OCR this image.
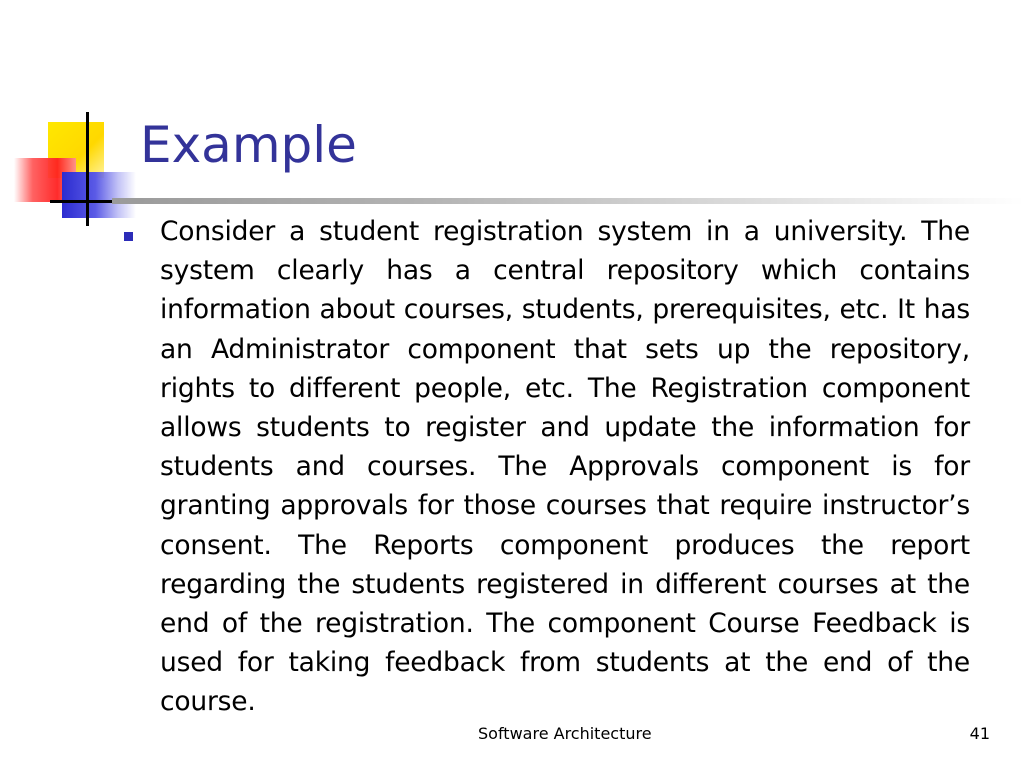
Example

Consider a student registration system in a university. The system clearly has a central repository which contains information about courses, students, prerequisites, etc. It has an Administrator component that sets up the repository, rights to different people, etc. The Registration component allows students to register and update the information for students and courses. The Approvals component is for granting approvals for those courses that require instructor’s consent. The Reports component produces the report regarding the students registered in different courses at the end of the registration. The component Course Feedback is used for taking feedback from students at the end of the course.

Software Architecture	41
